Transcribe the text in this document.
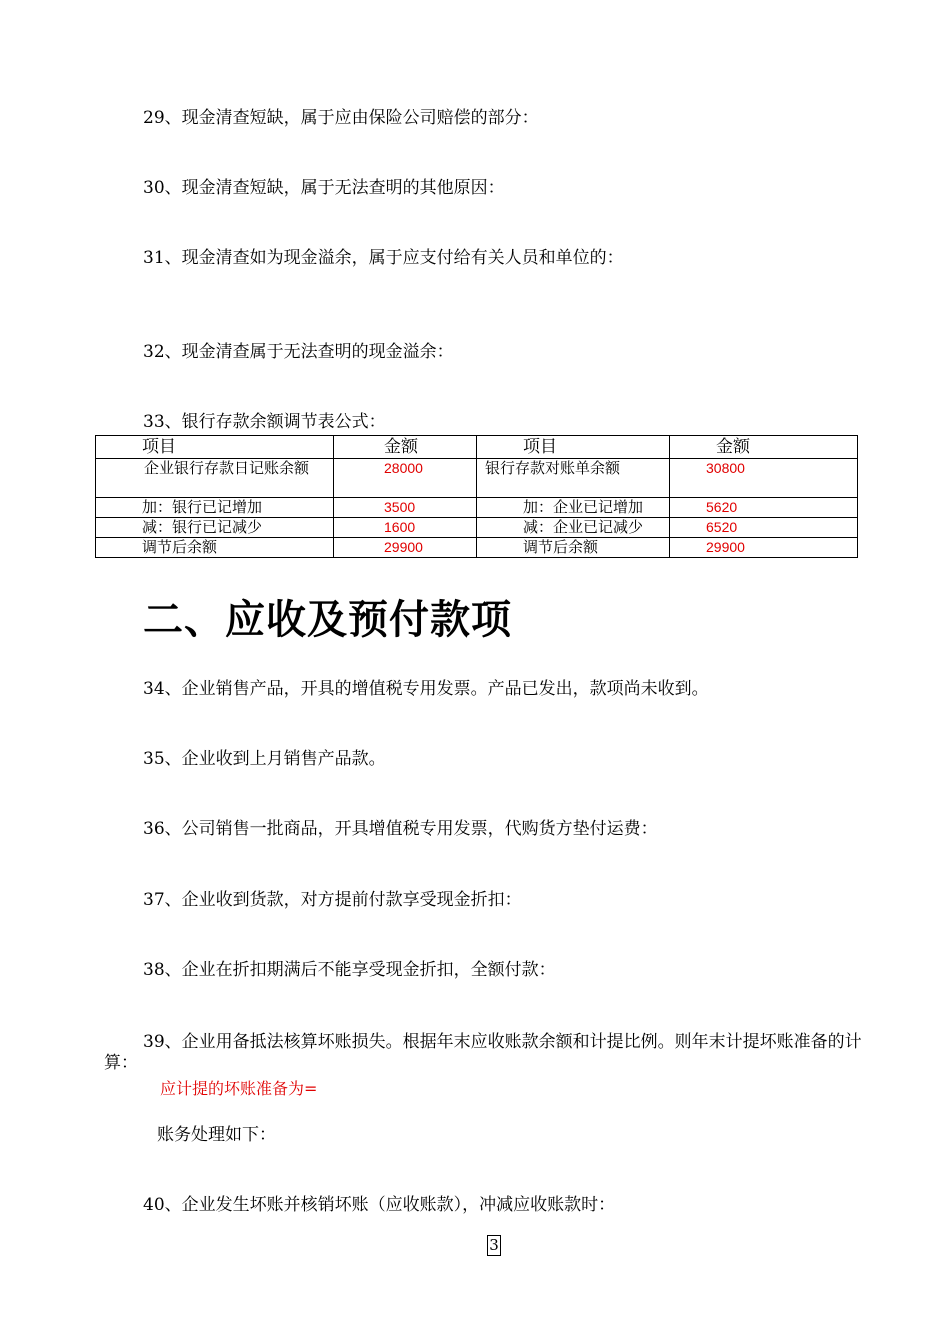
29、现金清查短缺，属于应由保险公司赔偿的部分：
30、现金清查短缺，属于无法查明的其他原因：
31、现金清查如为现金溢余，属于应支付给有关人员和单位的：
32、现金清查属于无法查明的现金溢余：
33、银行存款余额调节表公式：
项目	金额	项目	金额
企业银行存款日记账余额	28000	银行存款对账单余额	30800
加：银行已记增加	3500	加：企业已记增加	5620
减：银行已记减少	1600	减：企业已记减少	6520
调节后余额	29900	调节后余额	29900
二、应收及预付款项
34、企业销售产品，开具的增值税专用发票。产品已发出，款项尚未收到。
35、企业收到上月销售产品款。
36、公司销售一批商品，开具增值税专用发票，代购货方垫付运费：
37、企业收到货款，对方提前付款享受现金折扣：
38、企业在折扣期满后不能享受现金折扣，全额付款：
39、企业用备抵法核算坏账损失。根据年末应收账款余额和计提比例。则年末计提坏账准备的计算：
应计提的坏账准备为=
账务处理如下：
40、企业发生坏账并核销坏账（应收账款），冲减应收账款时：
3
